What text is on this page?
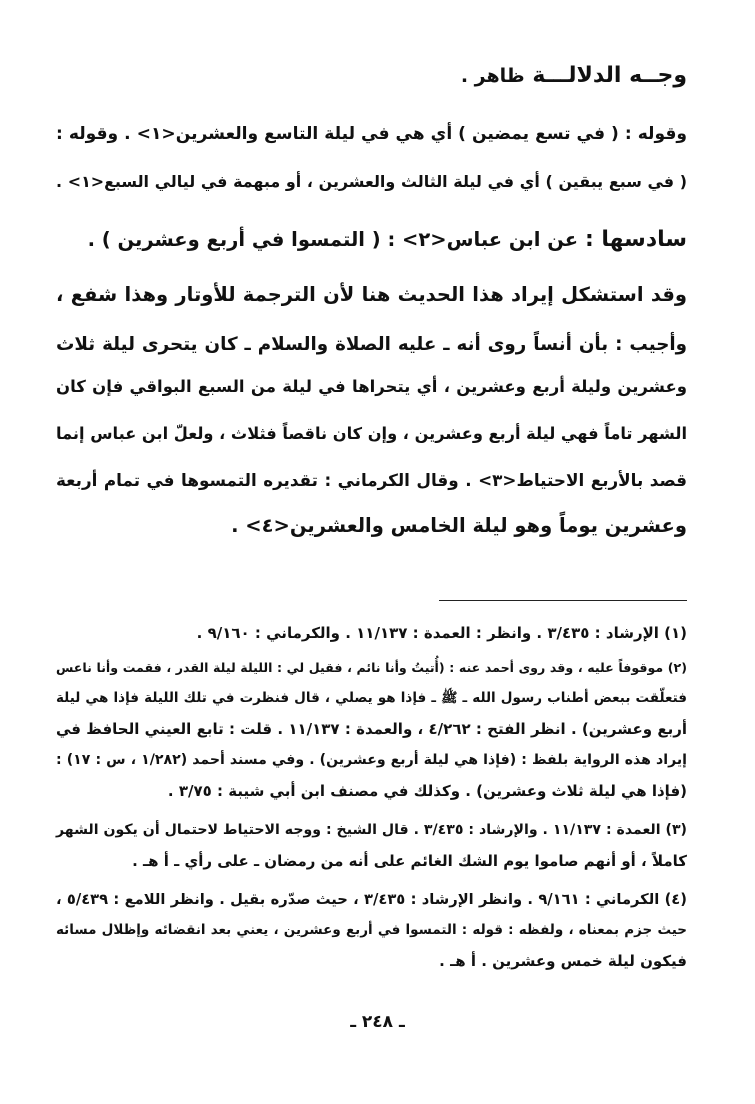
وجــه الدلالـــة ظاهر .
وقوله : ( في تسع يمضين ) أي هي في ليلة التاسع والعشرين<١> . وقوله :
( في سبع يبقين ) أي في ليلة الثالث والعشرين ، أو مبهمة في ليالي السبع<١> .
سادسها : عن ابن عباس<٢> : ( التمسوا في أربع وعشرين ) .
وقد استشكل إيراد هذا الحديث هنا لأن الترجمة للأوتار وهذا شفع ،
وأجيب : بأن أنساً روى أنه ـ عليه الصلاة والسلام ـ كان يتحرى ليلة ثلاث
وعشرين وليلة أربع وعشرين ، أي يتحراها في ليلة من السبع البواقي فإن كان
الشهر تاماً فهي ليلة أربع وعشرين ، وإن كان ناقصاً فثلاث ، ولعلّ ابن عباس إنما
قصد بالأربع الاحتياط<٣> . وقال الكرماني : تقديره التمسوها في تمام أربعة
وعشرين يوماً وهو ليلة الخامس والعشرين<٤> .
(١) الإرشاد : ٣/٤٣٥ . وانظر : العمدة : ١١/١٣٧ . والكرماني : ٩/١٦٠ .
(٢) موقوفاً عليه ، وقد روى أحمد عنه : (أُتيتُ وأنا نائم ، فقيل لي : الليلة ليلة القدر ، فقمت وأنا ناعس
فتعلّقت ببعض أطناب رسول الله ـ ﷺ ـ فإذا هو يصلي ، قال فنظرت في تلك الليلة فإذا هي ليلة
أربع وعشرين) . انظر الفتح : ٤/٢٦٢ ، والعمدة : ١١/١٣٧ . قلت : تابع العيني الحافظ في
إيراد هذه الرواية بلفظ : (فإذا هي ليلة أربع وعشرين) . وفي مسند أحمد (١/٢٨٢ ، س : ١٧) :
(فإذا هي ليلة ثلاث وعشرين) . وكذلك في مصنف ابن أبي شيبة : ٣/٧٥ .
(٣) العمدة : ١١/١٣٧ . والإرشاد : ٣/٤٣٥ . قال الشيخ : ووجه الاحتياط لاحتمال أن يكون الشهر
كاملاً ، أو أنهم صاموا يوم الشك الغائم على أنه من رمضان ـ على رأي ـ أ هـ .
(٤) الكرماني : ٩/١٦١ . وانظر الإرشاد : ٣/٤٣٥ ، حيث صدّره بقيل . وانظر اللامع : ٥/٤٣٩ ،
حيث جزم بمعناه ، ولفظه : قوله : التمسوا في أربع وعشرين ، يعني بعد انقضائه وإظلال مسائه
فيكون ليلة خمس وعشرين . أ هـ .
ـ ٢٤٨ ـ
